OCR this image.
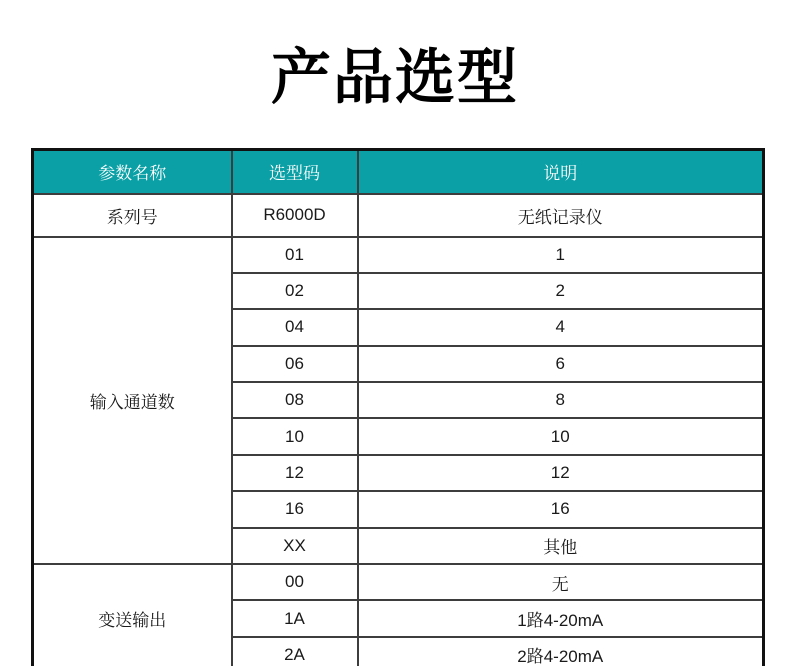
产品选型
参数名称	选型码	说明
系列号	R6000D	无纸记录仪
输入通道数	01	1
	02	2
	04	4
	06	6
	08	8
	10	10
	12	12
	16	16
	XX	其他
变送输出	00	无
	1A	1路4-20mA
	2A	2路4-20mA
